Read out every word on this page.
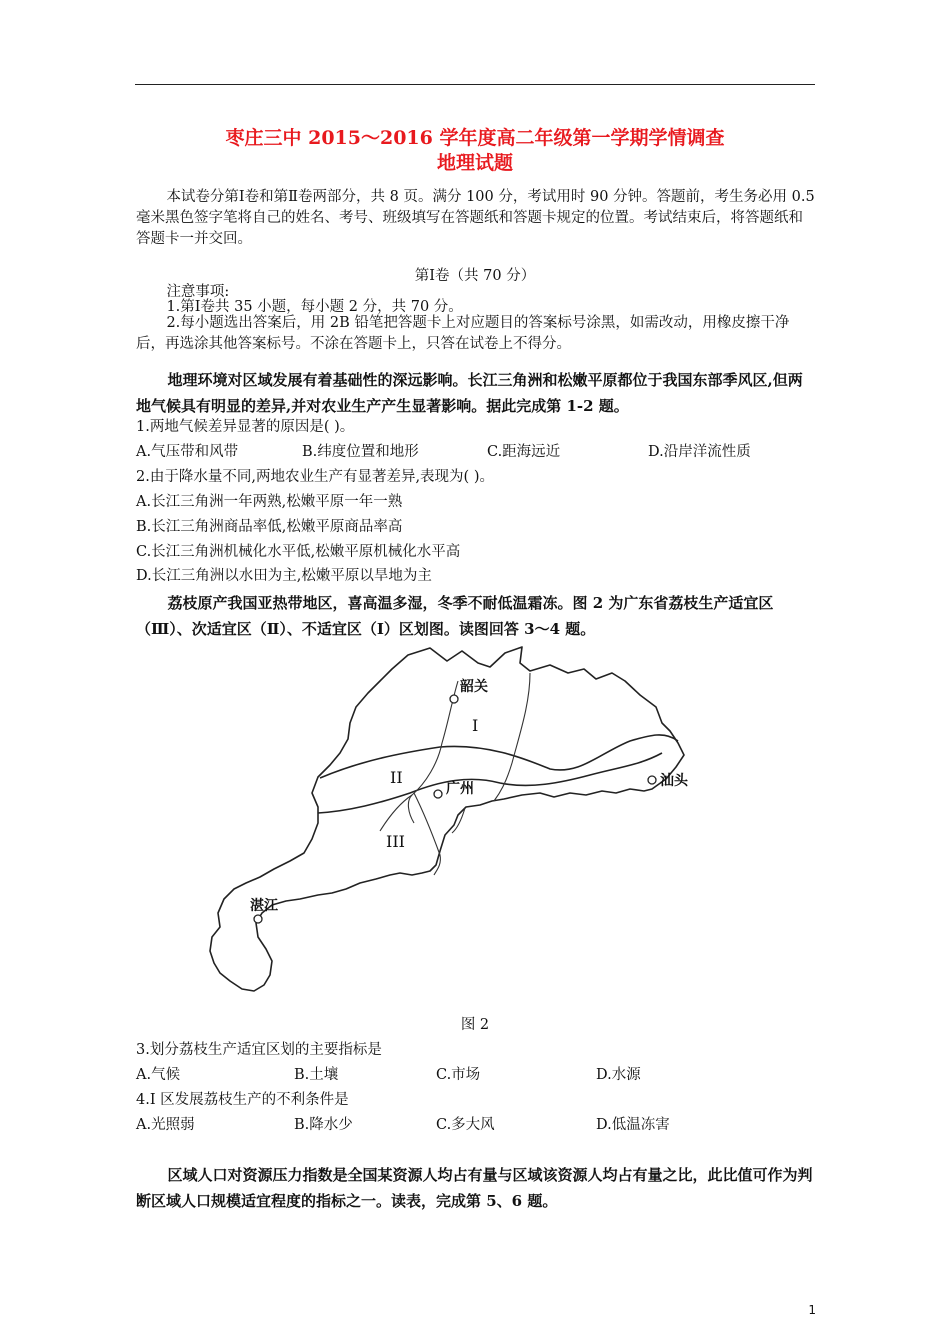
枣庄三中 2015～2016 学年度高二年级第一学期学情调查
地理试题
本试卷分第Ⅰ卷和第Ⅱ卷两部分，共 8 页。满分 100 分，考试用时 90 分钟。答题前，考生务必用 0.5 毫米黑色签字笔将自己的姓名、考号、班级填写在答题纸和答题卡规定的位置。考试结束后，将答题纸和答题卡一并交回。
第Ⅰ卷（共 70 分）
注意事项:
1.第Ⅰ卷共 35 小题，每小题 2 分，共 70 分。
2.每小题选出答案后，用 2B 铅笔把答题卡上对应题目的答案标号涂黑，如需改动，用橡皮擦干净后，再选涂其他答案标号。不涂在答题卡上，只答在试卷上不得分。
地理环境对区域发展有着基础性的深远影响。长江三角洲和松嫩平原都位于我国东部季风区,但两地气候具有明显的差异,并对农业生产产生显著影响。据此完成第 1-2 题。
1.两地气候差异显著的原因是( )。
A.气压带和风带	B.纬度位置和地形	C.距海远近	D.沿岸洋流性质
2.由于降水量不同,两地农业生产有显著差异,表现为( )。
A.长江三角洲一年两熟,松嫩平原一年一熟
B.长江三角洲商品率低,松嫩平原商品率高
C.长江三角洲机械化水平低,松嫩平原机械化水平高
D.长江三角洲以水田为主,松嫩平原以旱地为主
荔枝原产我国亚热带地区，喜高温多湿，冬季不耐低温霜冻。图 2 为广东省荔枝生产适宜区（Ⅲ）、次适宜区（Ⅱ）、不适宜区（Ⅰ）区划图。读图回答 3～4 题。
韶关
广州	汕头
湛江
I
II
III
图 2
3.划分荔枝生产适宜区划的主要指标是
A.气候	B.土壤	C.市场	D.水源
4.Ⅰ 区发展荔枝生产的不利条件是
A.光照弱	B.降水少	C.多大风	D.低温冻害
区域人口对资源压力指数是全国某资源人均占有量与区域该资源人均占有量之比，此比值可作为判断区域人口规模适宜程度的指标之一。读表，完成第 5、6 题。
1
